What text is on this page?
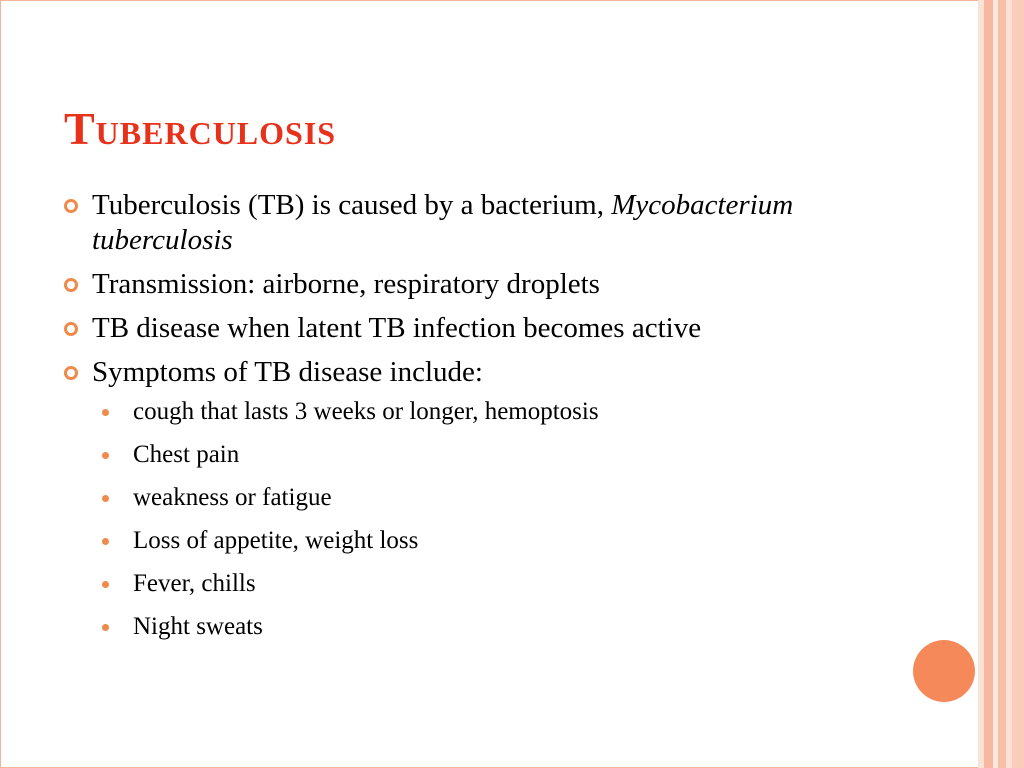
Tuberculosis
Tuberculosis (TB) is caused by a bacterium, Mycobacterium tuberculosis
Transmission: airborne, respiratory droplets
TB disease when latent TB infection becomes active
Symptoms of TB disease include:
cough that lasts 3 weeks or longer, hemoptosis
Chest pain
weakness or fatigue
Loss of appetite, weight loss
Fever, chills
Night sweats
